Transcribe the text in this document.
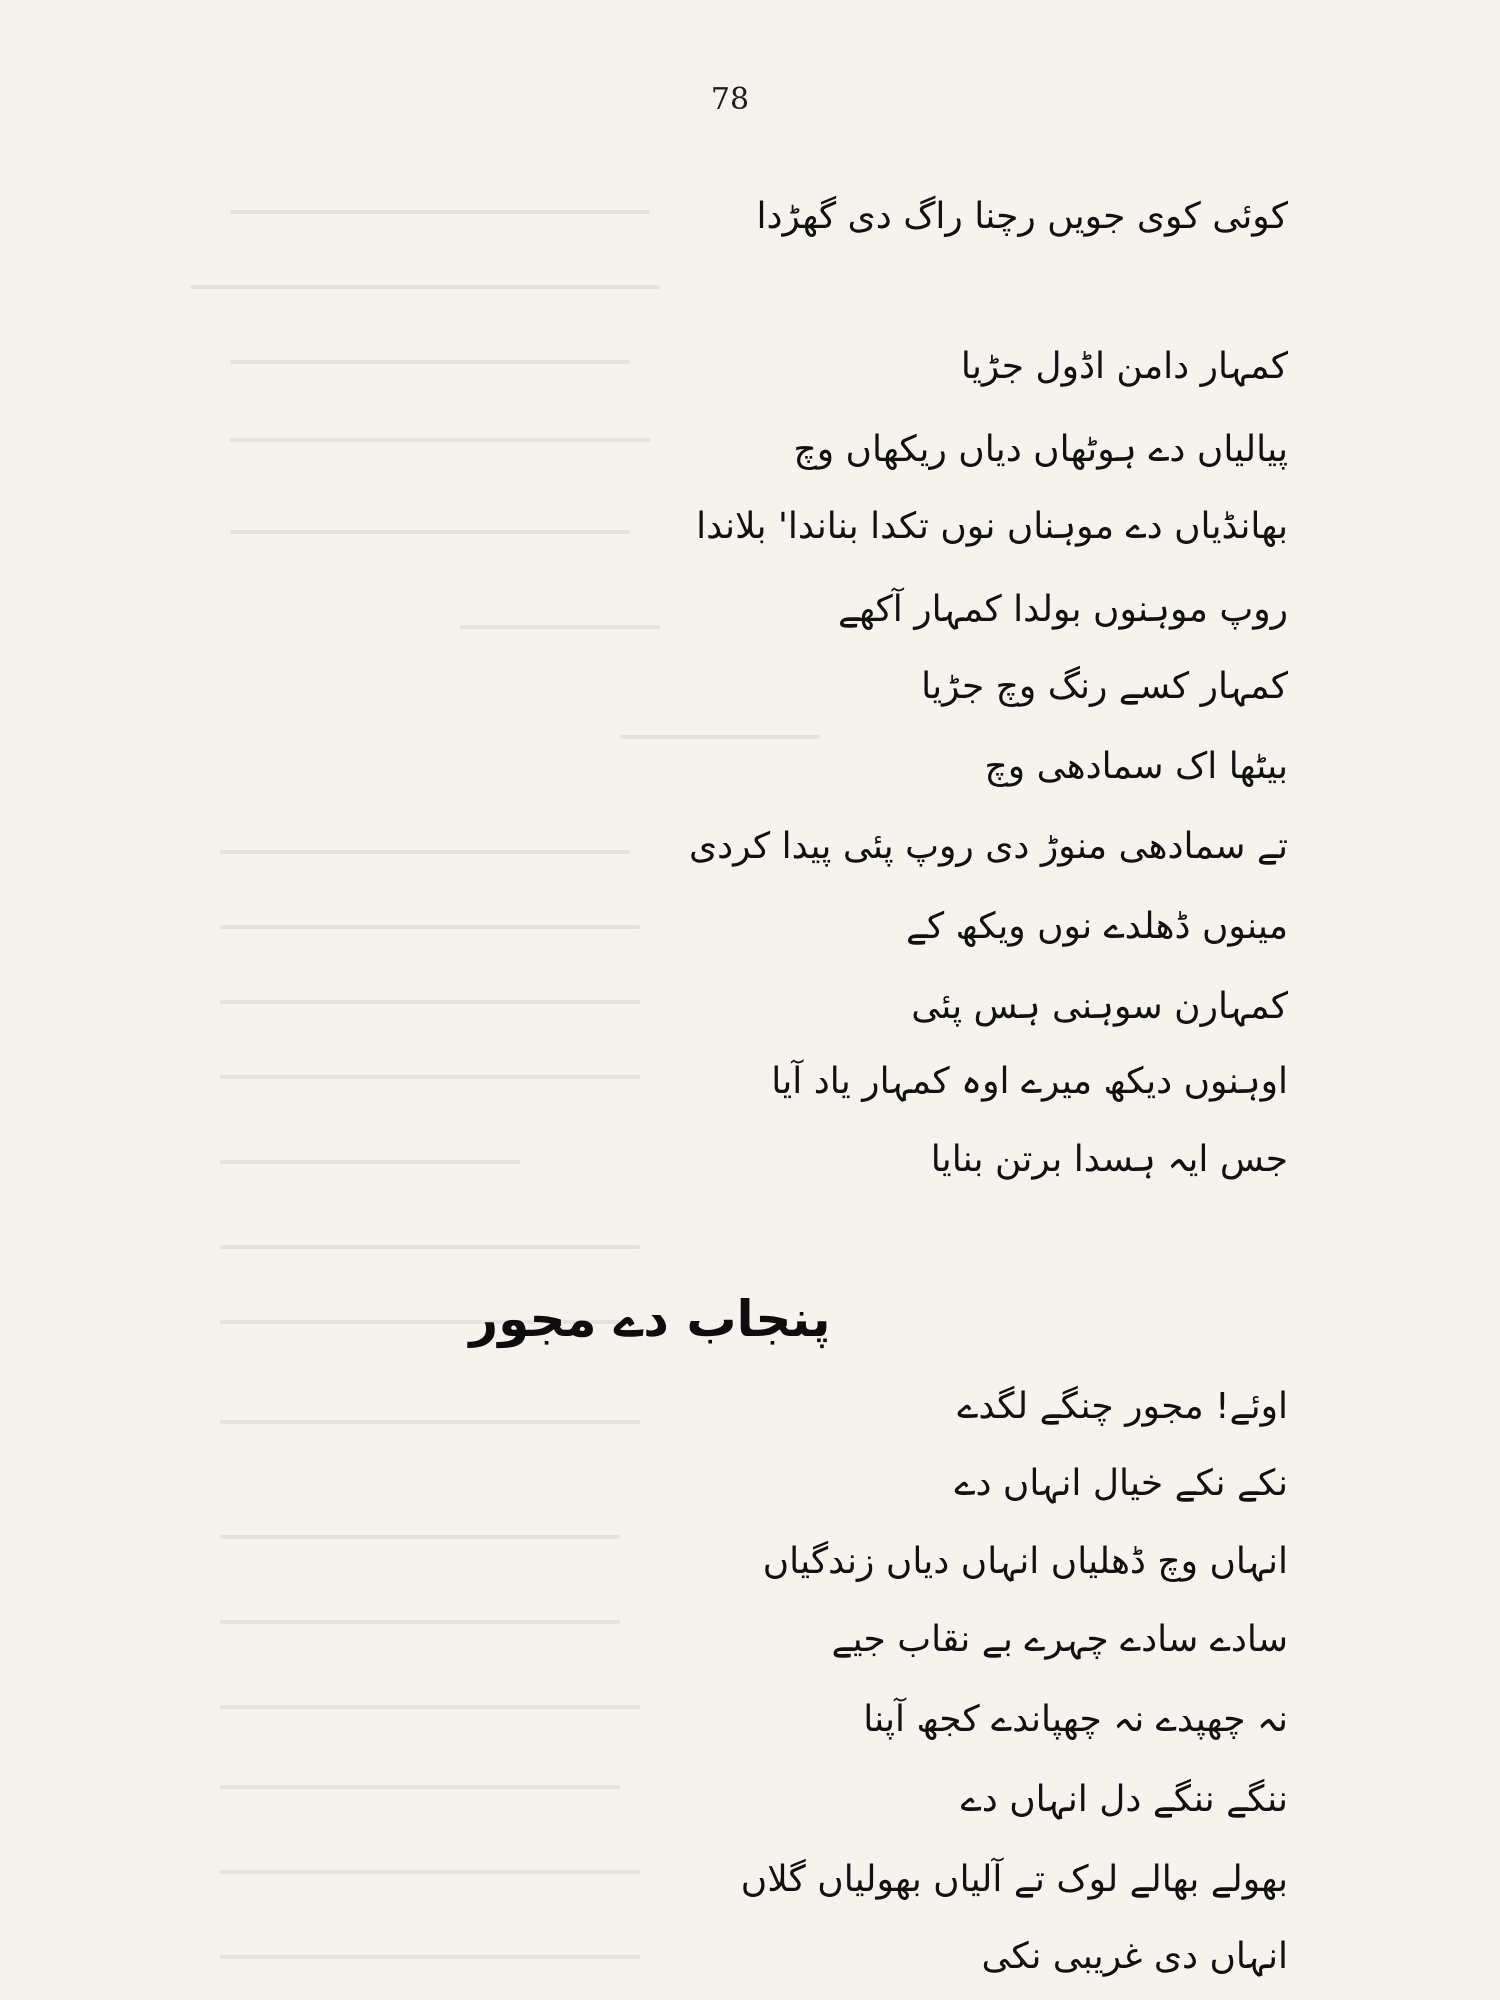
78
کوئی کوی جویں رچنا راگ دی گھڑدا
کمہار دامن اڈول جڑیا
پیالیاں دے ہوٹھاں دیاں ریکھاں وچ
بھانڈیاں دے موہناں نوں تکدا بناندا' بلاندا
روپ موہنوں بولدا کمہار آکھے
کمہار کسے رنگ وچ جڑیا
بیٹھا اک سمادھی وچ
تے سمادھی منوڑ دی روپ پئی پیدا کردی
مینوں ڈھلدے نوں ویکھ کے
کمہارن سوہنی ہس پئی
اوہنوں دیکھ میرے اوہ کمہار یاد آیا
جس ایہ ہسدا برتن بنایا
پنجاب دے مجور
اوئے! مجور چنگے لگدے
نکے نکے خیال انہاں دے
انہاں وچ ڈھلیاں انہاں دیاں زندگیاں
سادے سادے چہرے بے نقاب جیے
نہ چھپدے نہ چھپاندے کجھ آپنا
ننگے ننگے دل انہاں دے
بھولے بھالے لوک تے آلیاں بھولیاں گلاں
انہاں دی غریبی نکی
